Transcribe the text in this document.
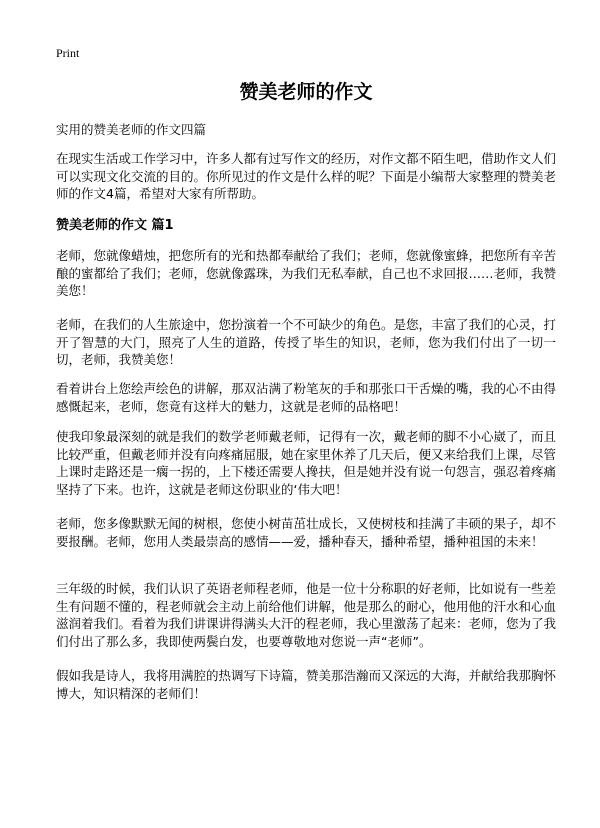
Print
赞美老师的作文

实用的赞美老师的作文四篇

在现实生活或工作学习中，许多人都有过写作文的经历，对作文都不陌生吧，借助作文人们可以实现文化交流的目的。你所见过的作文是什么样的呢？下面是小编帮大家整理的赞美老师的作文4篇，希望对大家有所帮助。

赞美老师的作文 篇1

老师，您就像蜡烛，把您所有的光和热都奉献给了我们；老师，您就像蜜蜂，把您所有辛苦酿的蜜都给了我们；老师，您就像露珠，为我们无私奉献，自己也不求回报……老师，我赞美您！

老师，在我们的人生旅途中，您扮演着一个不可缺少的角色。是您，丰富了我们的心灵，打开了智慧的大门，照亮了人生的道路，传授了毕生的知识，老师，您为我们付出了一切一切，老师，我赞美您！

看着讲台上您绘声绘色的讲解，那双沾满了粉笔灰的手和那张口干舌燥的嘴，我的心不由得感慨起来，老师，您竟有这样大的魅力，这就是老师的品格吧！

使我印象最深刻的就是我们的数学老师戴老师，记得有一次，戴老师的脚不小心崴了，而且比较严重，但戴老师并没有向疼痛屈服，她在家里休养了几天后，便又来给我们上课，尽管上课时走路还是一瘸一拐的，上下楼还需要人搀扶，但是她并没有说一句怨言，强忍着疼痛坚持了下来。也许，这就是老师这份职业的‘伟大吧！

老师，您多像默默无闻的树根，您使小树苗茁壮成长，又使树枝和挂满了丰硕的果子，却不要报酬。老师，您用人类最崇高的感情——爱，播种春天，播种希望，播种祖国的未来！

三年级的时候，我们认识了英语老师程老师，他是一位十分称职的好老师，比如说有一些差生有问题不懂的，程老师就会主动上前给他们讲解，他是那么的耐心，他用他的汗水和心血滋润着我们。看着为我们讲课讲得满头大汗的程老师，我心里激荡了起来：老师，您为了我们付出了那么多，我即使两鬓白发，也要尊敬地对您说一声“老师”。

假如我是诗人，我将用满腔的热调写下诗篇，赞美那浩瀚而又深远的大海，并献给我那胸怀博大，知识精深的老师们！
